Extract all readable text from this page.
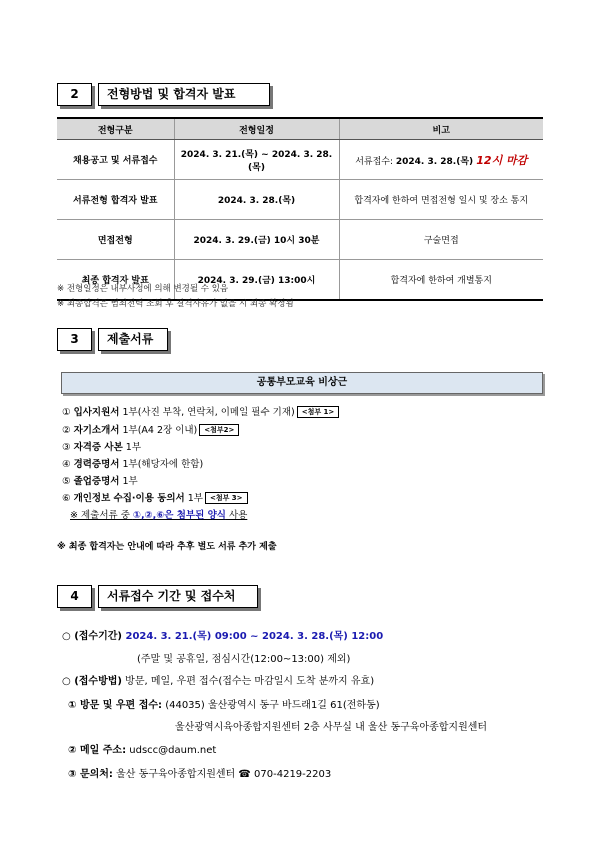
2	전형방법 및 합격자 발표
전형구분	전형일정	비고
채용공고 및 서류접수	2024. 3. 21.(목) ~ 2024. 3. 28.(목)	서류접수: 2024. 3. 28.(목) 12시 마감
서류전형 합격자 발표	2024. 3. 28.(목)	합격자에 한하여 면접전형 일시 및 장소 통지
면접전형	2024. 3. 29.(금) 10시 30분	구술면접
최종 합격자 발표	2024. 3. 29.(금) 13:00시	합격자에 한하여 개별통지
※ 전형일정은 내부사정에 의해 변경될 수 있음
※ 최종합격은 범죄전력 조회 후 결격사유가 없을 시 최종 확정됨
3	제출서류
공통부모교육 비상근
① 입사지원서 1부(사진 부착, 연락처, 이메일 필수 기재) <첨부 1>
② 자기소개서 1부(A4 2장 이내) <첨부2>
③ 자격증 사본 1부
④ 경력증명서 1부(해당자에 한함)
⑤ 졸업증명서 1부
⑥ 개인정보 수집·이용 동의서 1부 <첨부 3>
※ 제출서류 중 ①,②,⑥은 첨부된 양식 사용
※ 최종 합격자는 안내에 따라 추후 별도 서류 추가 제출
4	서류접수 기간 및 접수처
○ (접수기간) 2024. 3. 21.(목) 09:00 ~ 2024. 3. 28.(목) 12:00
(주말 및 공휴일, 점심시간(12:00~13:00) 제외)
○ (접수방법) 방문, 메일, 우편 접수(접수는 마감일시 도착 분까지 유효)
① 방문 및 우편 접수: (44035) 울산광역시 동구 바드래1길 61(전하동)
울산광역시육아종합지원센터 2층 사무실 내 울산 동구육아종합지원센터
② 메일 주소: udscc@daum.net
③ 문의처: 울산 동구육아종합지원센터 ☎ 070-4219-2203
